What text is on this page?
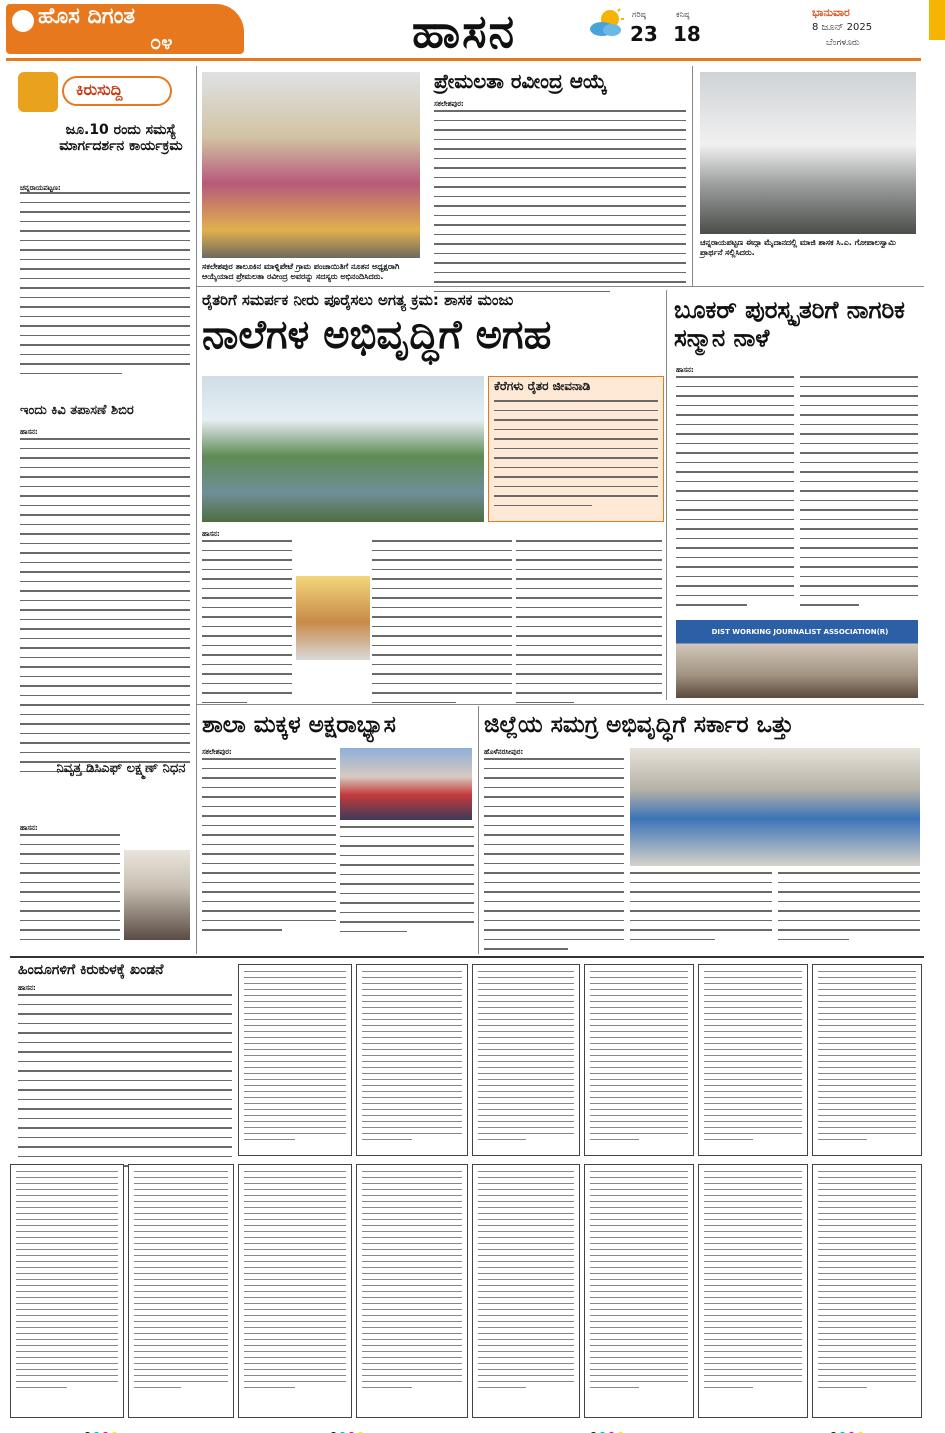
ಹೊಸ ದಿಗಂತ
೦೪	ಹಾಸನ	ಗರಿಷ್ಠ
23
ಕನಿಷ್ಠ
18
ಭಾನುವಾರ
8 ಜೂನ್ 2025
ಬೆಂಗಳೂರು
ಕಿರುಸುದ್ದಿ
ಜೂ.10 ರಂದು ಸಮಸ್ಯೆ ಮಾರ್ಗದರ್ಶನ ಕಾರ್ಯಕ್ರಮ
ಚನ್ನರಾಯಪಟ್ಟಣ:
ಇಂದು ಕಿವಿ ತಪಾಸಣೆ ಶಿಬಿರ
ಹಾಸನ:
ನಿವೃತ್ತ ಡಿಸಿಎಫ್ ಲಕ್ಷ್ಮಣ್ ನಿಧನ
ಹಾಸನ:
ಸಕಲೇಶಪುರ ತಾಲೂಕಿನ ಮಾಳ್ನಿಪೇಟೆ ಗ್ರಾಮ ಪಂಚಾಯಿತಿಗೆ ನೂತನ ಅಧ್ಯಕ್ಷರಾಗಿ ಆಯ್ಕೆಯಾದ ಪ್ರೇಮಲತಾ ರವೀಂದ್ರ ಅವರನ್ನು ಸದಸ್ಯರು ಅಭಿನಂದಿಸಿದರು.
ಪ್ರೇಮಲತಾ ರವೀಂದ್ರ ಆಯ್ಕೆ
ಸಕಲೇಶಪುರ:
ಚನ್ನರಾಯಪಟ್ಟಣ ಈದ್ಗಾ ಮೈದಾನದಲ್ಲಿ ಮಾಜಿ ಶಾಸಕ ಸಿ.ಎ. ಗೋಪಾಲಸ್ವಾಮಿ ಪ್ರಾರ್ಥನೆ ಸಲ್ಲಿಸಿದರು.
ರೈತರಿಗೆ ಸಮರ್ಪಕ ನೀರು ಪೂರೈಸಲು ಅಗತ್ಯ ಕ್ರಮ: ಶಾಸಕ ಮಂಜು
ನಾಲೆಗಳ ಅಭಿವೃದ್ಧಿಗೆ ಅಗಹ
ಕೆರೆಗಳು ರೈತರ ಜೀವನಾಡಿ
ಹಾಸನ:
ಬೂಕರ್ ಪುರಸ್ಕೃತರಿಗೆ ನಾಗರಿಕ ಸನ್ಮಾನ ನಾಳೆ
ಹಾಸನ:
DIST WORKING JOURNALIST ASSOCIATION(R)
ಶಾಲಾ ಮಕ್ಕಳ ಅಕ್ಷರಾಭ್ಯಾಸ
ಸಕಲೇಶಪುರ:
ಜಿಲ್ಲೆಯ ಸಮಗ್ರ ಅಭಿವೃದ್ಧಿಗೆ ಸರ್ಕಾರ ಒತ್ತು
ಹೊಳೆನರಸೀಪುರ:
ಹಿಂದೂಗಳಿಗೆ ಕಿರುಕುಳಕ್ಕೆ ಖಂಡನೆ
ಹಾಸನ:
